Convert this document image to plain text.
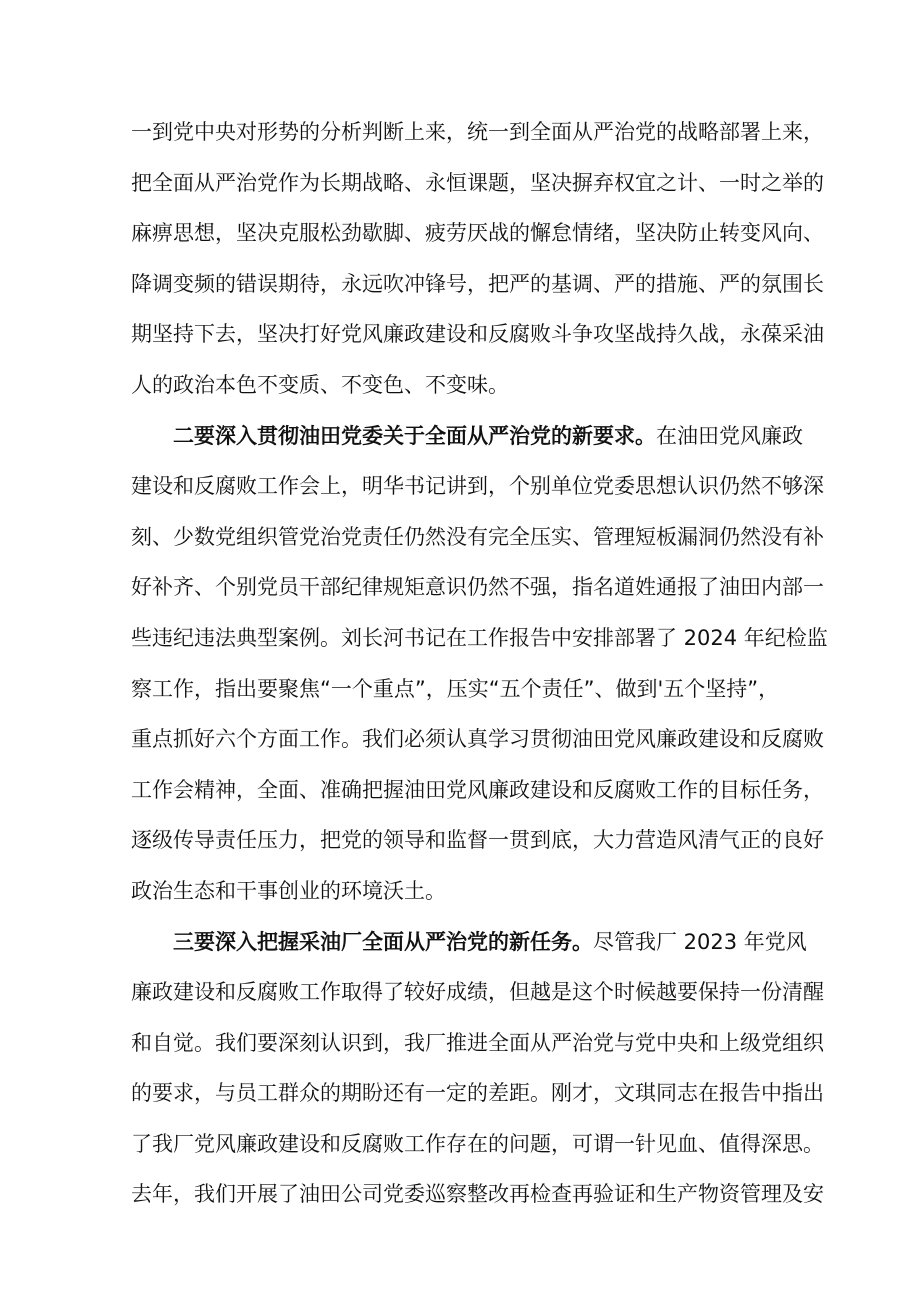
一到党中央对形势的分析判断上来，统一到全面从严治党的战略部署上来，
把全面从严治党作为长期战略、永恒课题，坚决摒弃权宜之计、一时之举的
麻痹思想，坚决克服松劲歇脚、疲劳厌战的懈怠情绪，坚决防止转变风向、
降调变频的错误期待，永远吹冲锋号，把严的基调、严的措施、严的氛围长
期坚持下去，坚决打好党风廉政建设和反腐败斗争攻坚战持久战，永葆采油
人的政治本色不变质、不变色、不变味。

二要深入贯彻油田党委关于全面从严治党的新要求。在油田党风廉政
建设和反腐败工作会上，明华书记讲到，个别单位党委思想认识仍然不够深
刻、少数党组织管党治党责任仍然没有完全压实、管理短板漏洞仍然没有补
好补齐、个别党员干部纪律规矩意识仍然不强，指名道姓通报了油田内部一
些违纪违法典型案例。刘长河书记在工作报告中安排部署了 2024 年纪检监
察工作，指出要聚焦“一个重点”，压实“五个责任”、做到'五个坚持”，
重点抓好六个方面工作。我们必须认真学习贯彻油田党风廉政建设和反腐败
工作会精神，全面、准确把握油田党风廉政建设和反腐败工作的目标任务，
逐级传导责任压力，把党的领导和监督一贯到底，大力营造风清气正的良好
政治生态和干事创业的环境沃土。

三要深入把握采油厂全面从严治党的新任务。尽管我厂 2023 年党风
廉政建设和反腐败工作取得了较好成绩，但越是这个时候越要保持一份清醒
和自觉。我们要深刻认识到，我厂推进全面从严治党与党中央和上级党组织
的要求，与员工群众的期盼还有一定的差距。刚才，文琪同志在报告中指出
了我厂党风廉政建设和反腐败工作存在的问题，可谓一针见血、值得深思。
去年，我们开展了油田公司党委巡察整改再检查再验证和生产物资管理及安
